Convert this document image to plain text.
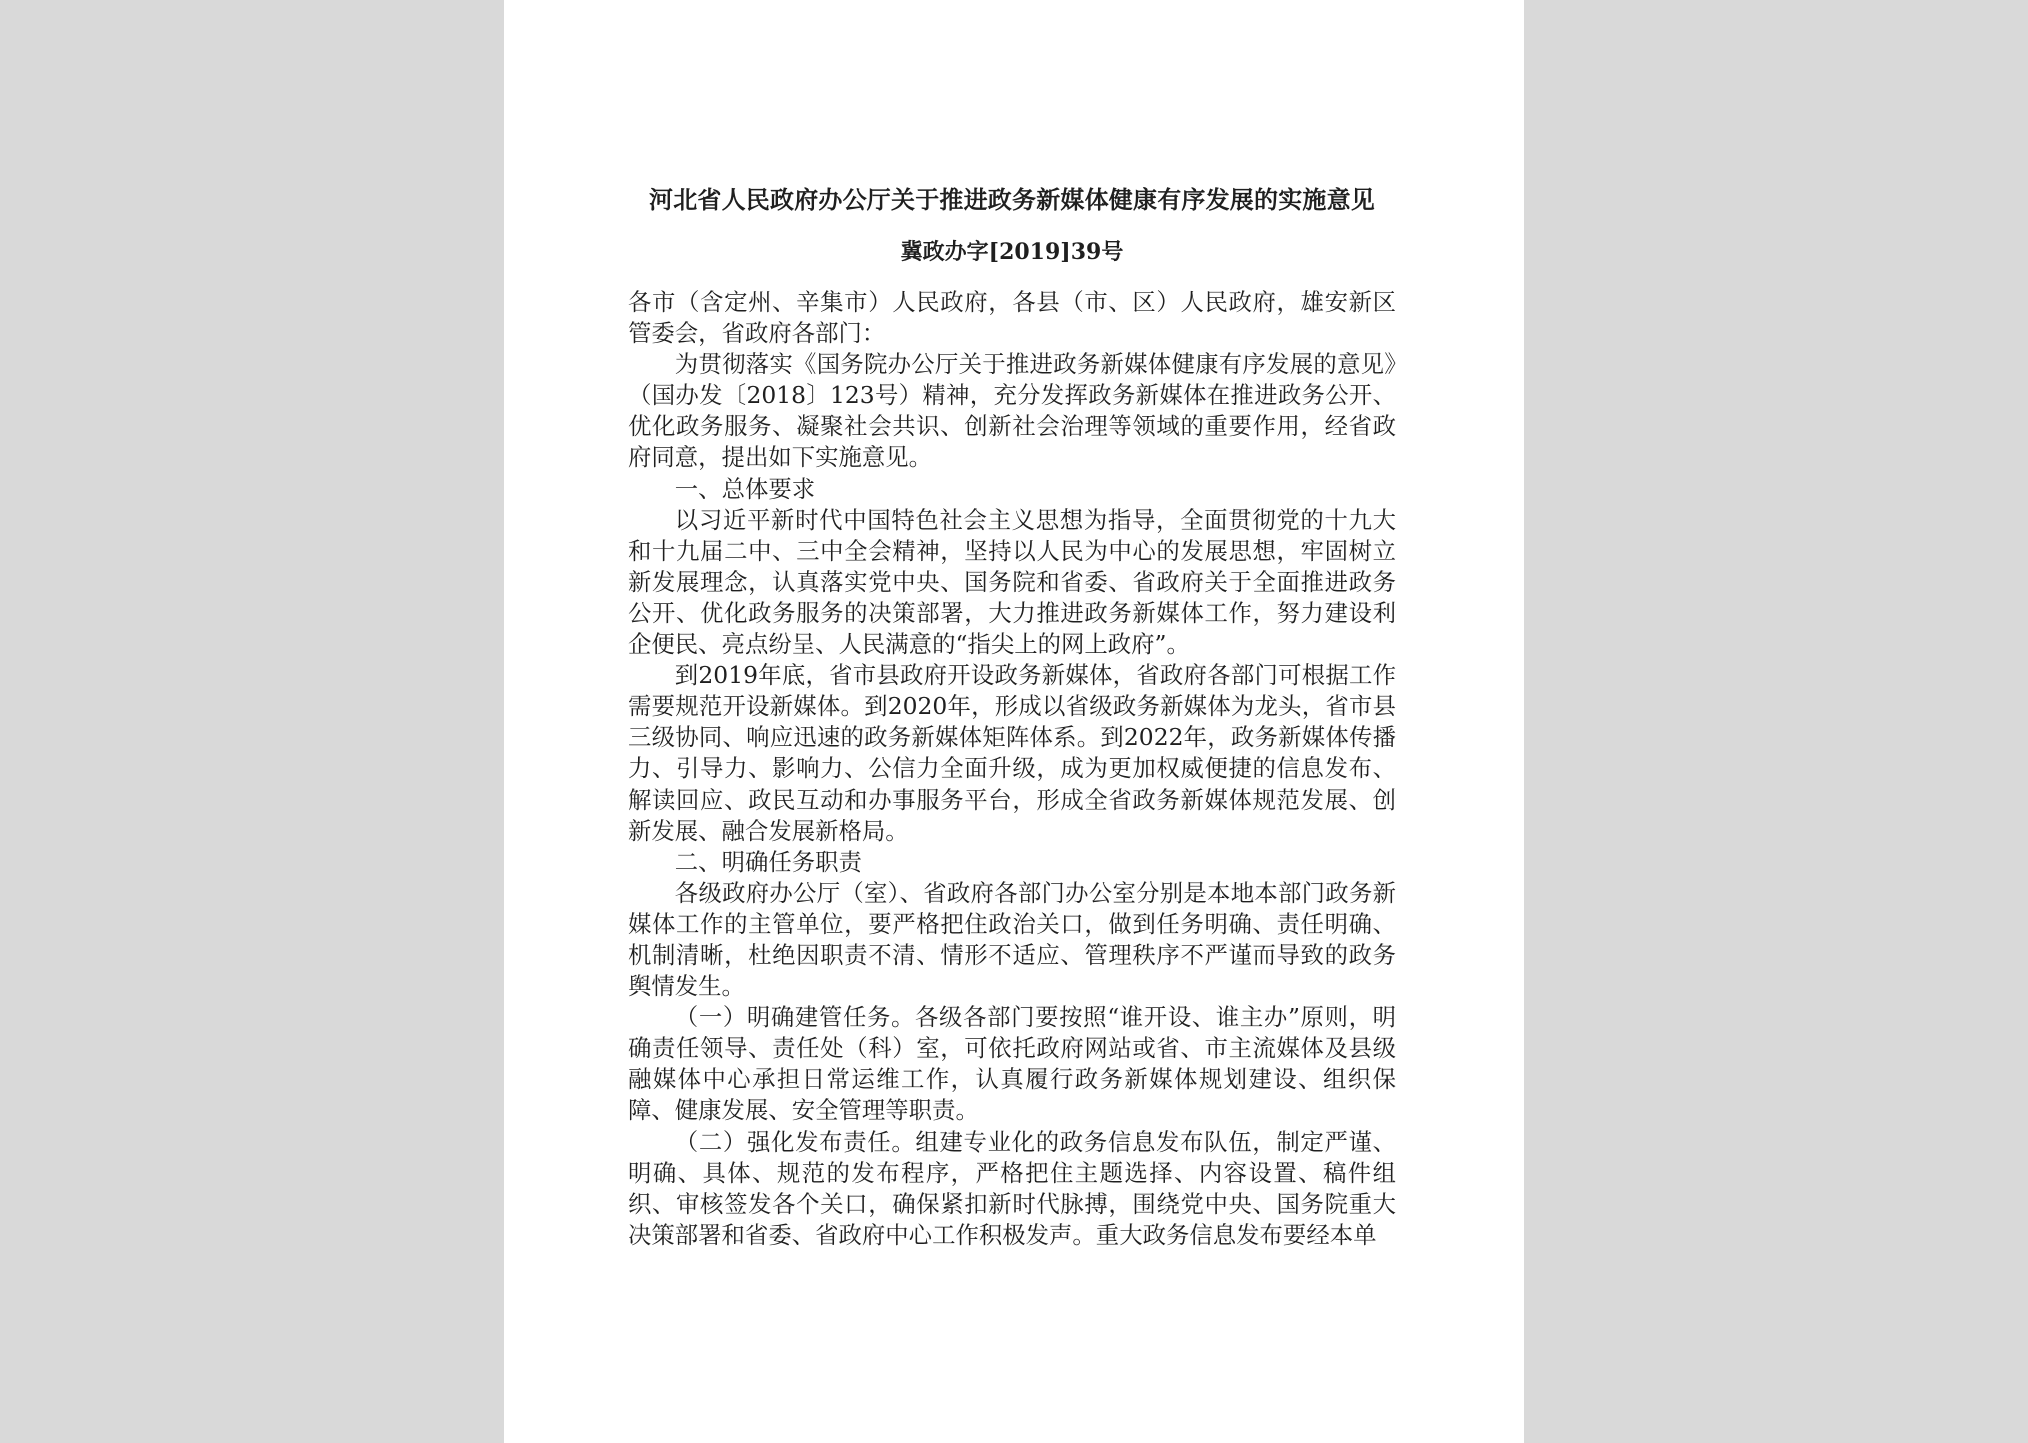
河北省人民政府办公厅关于推进政务新媒体健康有序发展的实施意见
冀政办字[2019]39号

各市（含定州、辛集市）人民政府，各县（市、区）人民政府，雄安新区管委会，省政府各部门：

为贯彻落实《国务院办公厅关于推进政务新媒体健康有序发展的意见》（国办发〔2018〕123号）精神，充分发挥政务新媒体在推进政务公开、优化政务服务、凝聚社会共识、创新社会治理等领域的重要作用，经省政府同意，提出如下实施意见。

一、总体要求

以习近平新时代中国特色社会主义思想为指导，全面贯彻党的十九大和十九届二中、三中全会精神，坚持以人民为中心的发展思想，牢固树立新发展理念，认真落实党中央、国务院和省委、省政府关于全面推进政务公开、优化政务服务的决策部署，大力推进政务新媒体工作，努力建设利企便民、亮点纷呈、人民满意的“指尖上的网上政府”。

到2019年底，省市县政府开设政务新媒体，省政府各部门可根据工作需要规范开设新媒体。到2020年，形成以省级政务新媒体为龙头，省市县三级协同、响应迅速的政务新媒体矩阵体系。到2022年，政务新媒体传播力、引导力、影响力、公信力全面升级，成为更加权威便捷的信息发布、解读回应、政民互动和办事服务平台，形成全省政务新媒体规范发展、创新发展、融合发展新格局。

二、明确任务职责

各级政府办公厅（室）、省政府各部门办公室分别是本地本部门政务新媒体工作的主管单位，要严格把住政治关口，做到任务明确、责任明确、机制清晰，杜绝因职责不清、情形不适应、管理秩序不严谨而导致的政务舆情发生。

（一）明确建管任务。各级各部门要按照“谁开设、谁主办”原则，明确责任领导、责任处（科）室，可依托政府网站或省、市主流媒体及县级融媒体中心承担日常运维工作，认真履行政务新媒体规划建设、组织保障、健康发展、安全管理等职责。

（二）强化发布责任。组建专业化的政务信息发布队伍，制定严谨、明确、具体、规范的发布程序，严格把住主题选择、内容设置、稿件组织、审核签发各个关口，确保紧扣新时代脉搏，围绕党中央、国务院重大决策部署和省委、省政府中心工作积极发声。重大政务信息发布要经本单
